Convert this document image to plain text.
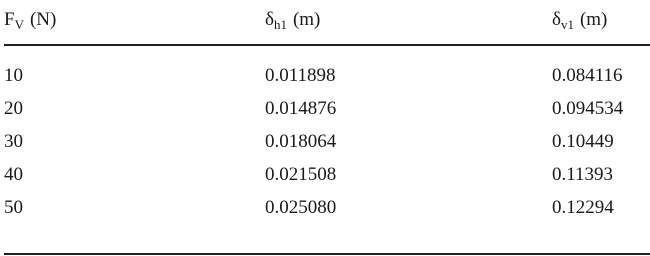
$F_V$ (N)	$\delta_{h1}$ (m)	$\delta_{v1}$ (m)
10	0.011898	0.084116
20	0.014876	0.094534
30	0.018064	0.10449
40	0.021508	0.11393
50	0.025080	0.12294
